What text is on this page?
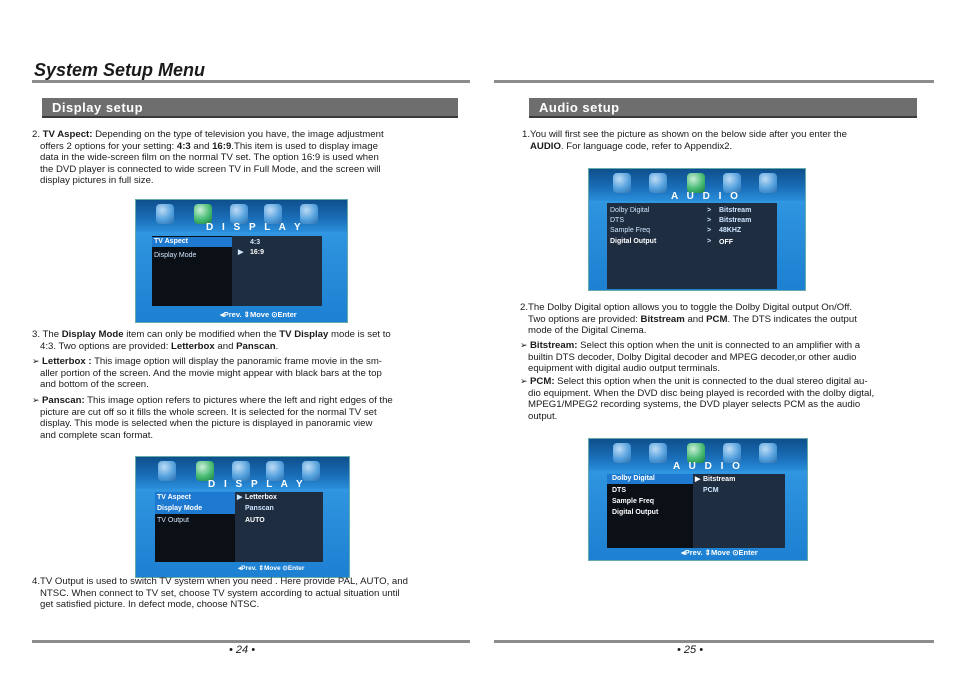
System Setup Menu
Display setup
2. TV Aspect: Depending on the type of television you have, the image adjustment
offers 2 options for your setting: 4:3 and 16:9.This item is used to display image
data in the wide-screen film on the normal TV set. The option 16:9 is used when
the DVD player is connected to wide screen TV in Full Mode, and the screen will
display pictures in full size.
D I S P L A Y
TV Aspect
Display Mode
4:3
▶ 16:9
◂Prev. ⇕Move ⊙Enter
3. The Display Mode item can only be modified when the TV Display mode is set to
4:3. Two options are provided: Letterbox and Panscan.
➢ Letterbox : This image option will display the panoramic frame movie in the sm-
aller portion of the screen. And the movie might appear with black bars at the top
and bottom of the screen.
➢ Panscan: This image option refers to pictures where the left and right edges of the
picture are cut off so it fills the whole screen. It is selected for the normal TV set
display. This mode is selected when the picture is displayed in panoramic view
and complete scan format.
D I S P L A Y
TV Aspect
Display Mode
TV Output
▶ Letterbox
Panscan
AUTO
◂Prev. ⇕Move ⊙Enter
4.TV Output is used to switch TV system when you need . Here provide PAL, AUTO, and
NTSC. When connect to TV set, choose TV system according to actual situation until
get satisfied picture. In defect mode, choose NTSC.
• 24 •
Audio setup
1.You will first see the picture as shown on the below side after you enter the
AUDIO. For language code, refer to Appendix2.
A U D I O
Dolby Digital
DTS
Sample Freq
Digital Output
>
>
>
>
Bitstream
Bitstream
48KHZ
OFF
2.The Dolby Digital option allows you to toggle the Dolby Digital output On/Off.
Two options are provided: Bitstream and PCM. The DTS indicates the output
mode of the Digital Cinema.
➢ Bitstream: Select this option when the unit is connected to an amplifier with a
builtin DTS decoder, Dolby Digital decoder and MPEG decoder,or other audio
equipment with digital audio output terminals.
➢ PCM: Select this option when the unit is connected to the dual stereo digital au-
dio equipment. When the DVD disc being played is recorded with the dolby digtal,
MPEG1/MPEG2 recording systems, the DVD player selects PCM as the audio
output.
A U D I O
Dolby Digital
DTS
Sample Freq
Digital Output
▶ Bitstream
PCM
◂Prev. ⇕Move ⊙Enter
• 25 •
